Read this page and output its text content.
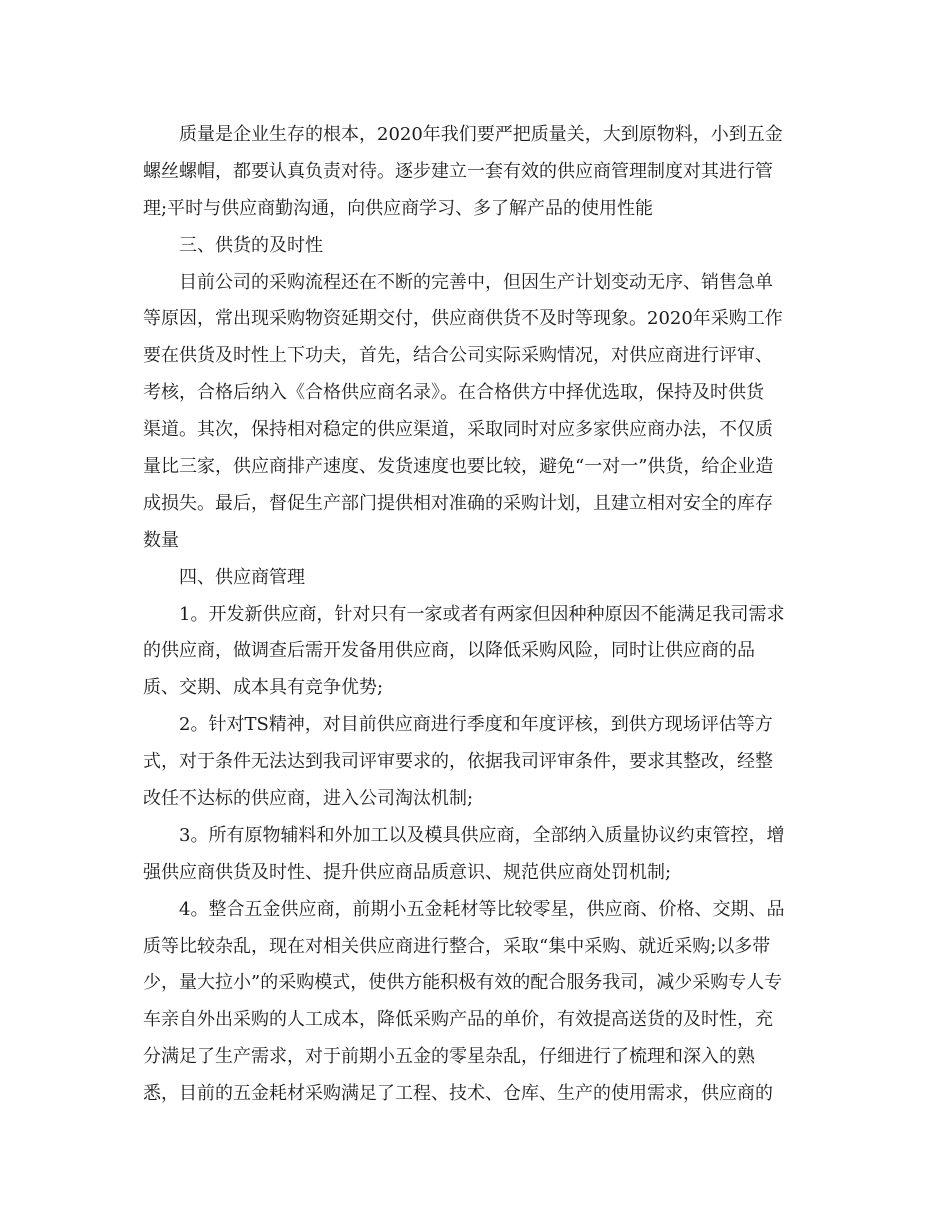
质量是企业生存的根本，2020年我们要严把质量关，大到原物料，小到五金
螺丝螺帽，都要认真负责对待。逐步建立一套有效的供应商管理制度对其进行管
理;平时与供应商勤沟通，向供应商学习、多了解产品的使用性能
三、供货的及时性
目前公司的采购流程还在不断的完善中，但因生产计划变动无序、销售急单
等原因，常出现采购物资延期交付，供应商供货不及时等现象。2020年采购工作
要在供货及时性上下功夫，首先，结合公司实际采购情况，对供应商进行评审、
考核，合格后纳入《合格供应商名录》。在合格供方中择优选取，保持及时供货
渠道。其次，保持相对稳定的供应渠道，采取同时对应多家供应商办法，不仅质
量比三家，供应商排产速度、发货速度也要比较，避免“一对一”供货，给企业造
成损失。最后，督促生产部门提供相对准确的采购计划，且建立相对安全的库存
数量
四、供应商管理
1。开发新供应商，针对只有一家或者有两家但因种种原因不能满足我司需求
的供应商，做调查后需开发备用供应商，以降低采购风险，同时让供应商的品
质、交期、成本具有竞争优势;
2。针对TS精神，对目前供应商进行季度和年度评核，到供方现场评估等方
式，对于条件无法达到我司评审要求的，依据我司评审条件，要求其整改，经整
改任不达标的供应商，进入公司淘汰机制;
3。所有原物辅料和外加工以及模具供应商，全部纳入质量协议约束管控，增
强供应商供货及时性、提升供应商品质意识、规范供应商处罚机制;
4。整合五金供应商，前期小五金耗材等比较零星，供应商、价格、交期、品
质等比较杂乱，现在对相关供应商进行整合，采取“集中采购、就近采购;以多带
少，量大拉小”的采购模式，使供方能积极有效的配合服务我司，减少采购专人专
车亲自外出采购的人工成本，降低采购产品的单价，有效提高送货的及时性，充
分满足了生产需求，对于前期小五金的零星杂乱，仔细进行了梳理和深入的熟
悉，目前的五金耗材采购满足了工程、技术、仓库、生产的使用需求，供应商的
